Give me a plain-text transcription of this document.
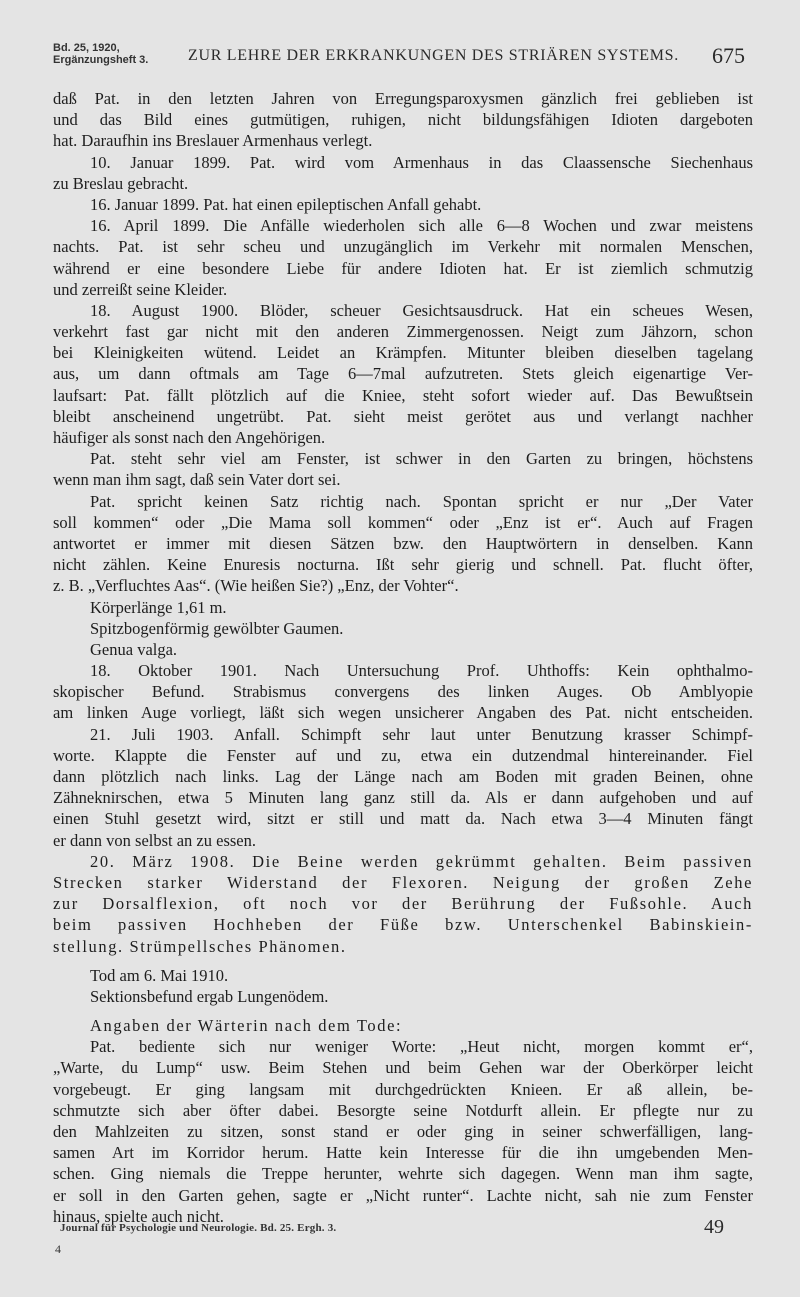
Bd. 25, 1920,
Ergänzungsheft 3. ZUR LEHRE DER ERKRANKUNGEN DES STRIÄREN SYSTEMS. 675
daß Pat. in den letzten Jahren von Erregungsparoxysmen gänzlich frei geblieben ist
und das Bild eines gutmütigen, ruhigen, nicht bildungsfähigen Idioten dargeboten
hat. Daraufhin ins Breslauer Armenhaus verlegt.
10. Januar 1899. Pat. wird vom Armenhaus in das Claassensche Siechenhaus
zu Breslau gebracht.
16. Januar 1899. Pat. hat einen epileptischen Anfall gehabt.
16. April 1899. Die Anfälle wiederholen sich alle 6—8 Wochen und zwar meistens
nachts. Pat. ist sehr scheu und unzugänglich im Verkehr mit normalen Menschen,
während er eine besondere Liebe für andere Idioten hat. Er ist ziemlich schmutzig
und zerreißt seine Kleider.
18. August 1900. Blöder, scheuer Gesichtsausdruck. Hat ein scheues Wesen,
verkehrt fast gar nicht mit den anderen Zimmergenossen. Neigt zum Jähzorn, schon
bei Kleinigkeiten wütend. Leidet an Krämpfen. Mitunter bleiben dieselben tagelang
aus, um dann oftmals am Tage 6—7mal aufzutreten. Stets gleich eigenartige Ver-
laufsart: Pat. fällt plötzlich auf die Kniee, steht sofort wieder auf. Das Bewußtsein
bleibt anscheinend ungetrübt. Pat. sieht meist gerötet aus und verlangt nachher
häufiger als sonst nach den Angehörigen.
Pat. steht sehr viel am Fenster, ist schwer in den Garten zu bringen, höchstens
wenn man ihm sagt, daß sein Vater dort sei.
Pat. spricht keinen Satz richtig nach. Spontan spricht er nur „Der Vater
soll kommen“ oder „Die Mama soll kommen“ oder „Enz ist er“. Auch auf Fragen
antwortet er immer mit diesen Sätzen bzw. den Hauptwörtern in denselben. Kann
nicht zählen. Keine Enuresis nocturna. Ißt sehr gierig und schnell. Pat. flucht öfter,
z. B. „Verfluchtes Aas“. (Wie heißen Sie?) „Enz, der Vohter“.
Körperlänge 1,61 m.
Spitzbogenförmig gewölbter Gaumen.
Genua valga.
18. Oktober 1901. Nach Untersuchung Prof. Uhthoffs: Kein ophthalmo-
skopischer Befund. Strabismus convergens des linken Auges. Ob Amblyopie
am linken Auge vorliegt, läßt sich wegen unsicherer Angaben des Pat. nicht entscheiden.
21. Juli 1903. Anfall. Schimpft sehr laut unter Benutzung krasser Schimpf-
worte. Klappte die Fenster auf und zu, etwa ein dutzendmal hintereinander. Fiel
dann plötzlich nach links. Lag der Länge nach am Boden mit graden Beinen, ohne
Zähneknirschen, etwa 5 Minuten lang ganz still da. Als er dann aufgehoben und auf
einen Stuhl gesetzt wird, sitzt er still und matt da. Nach etwa 3—4 Minuten fängt
er dann von selbst an zu essen.
20. März 1908. Die Beine werden gekrümmt gehalten. Beim passiven
Strecken starker Widerstand der Flexoren. Neigung der großen Zehe
zur Dorsalflexion, oft noch vor der Berührung der Fußsohle. Auch
beim passiven Hochheben der Füße bzw. Unterschenkel Babinskiein-
stellung. Strümpellsches Phänomen.
Tod am 6. Mai 1910.
Sektionsbefund ergab Lungenödem.
Angaben der Wärterin nach dem Tode:
Pat. bediente sich nur weniger Worte: „Heut nicht, morgen kommt er“,
„Warte, du Lump“ usw. Beim Stehen und beim Gehen war der Oberkörper leicht
vorgebeugt. Er ging langsam mit durchgedrückten Knieen. Er aß allein, be-
schmutzte sich aber öfter dabei. Besorgte seine Notdurft allein. Er pflegte nur zu
den Mahlzeiten zu sitzen, sonst stand er oder ging in seiner schwerfälligen, lang-
samen Art im Korridor herum. Hatte kein Interesse für die ihn umgebenden Men-
schen. Ging niemals die Treppe herunter, wehrte sich dagegen. Wenn man ihm sagte,
er soll in den Garten gehen, sagte er „Nicht runter“. Lachte nicht, sah nie zum Fenster
hinaus, spielte auch nicht.
Journal für Psychologie und Neurologie. Bd. 25. Ergh. 3.	49
4
